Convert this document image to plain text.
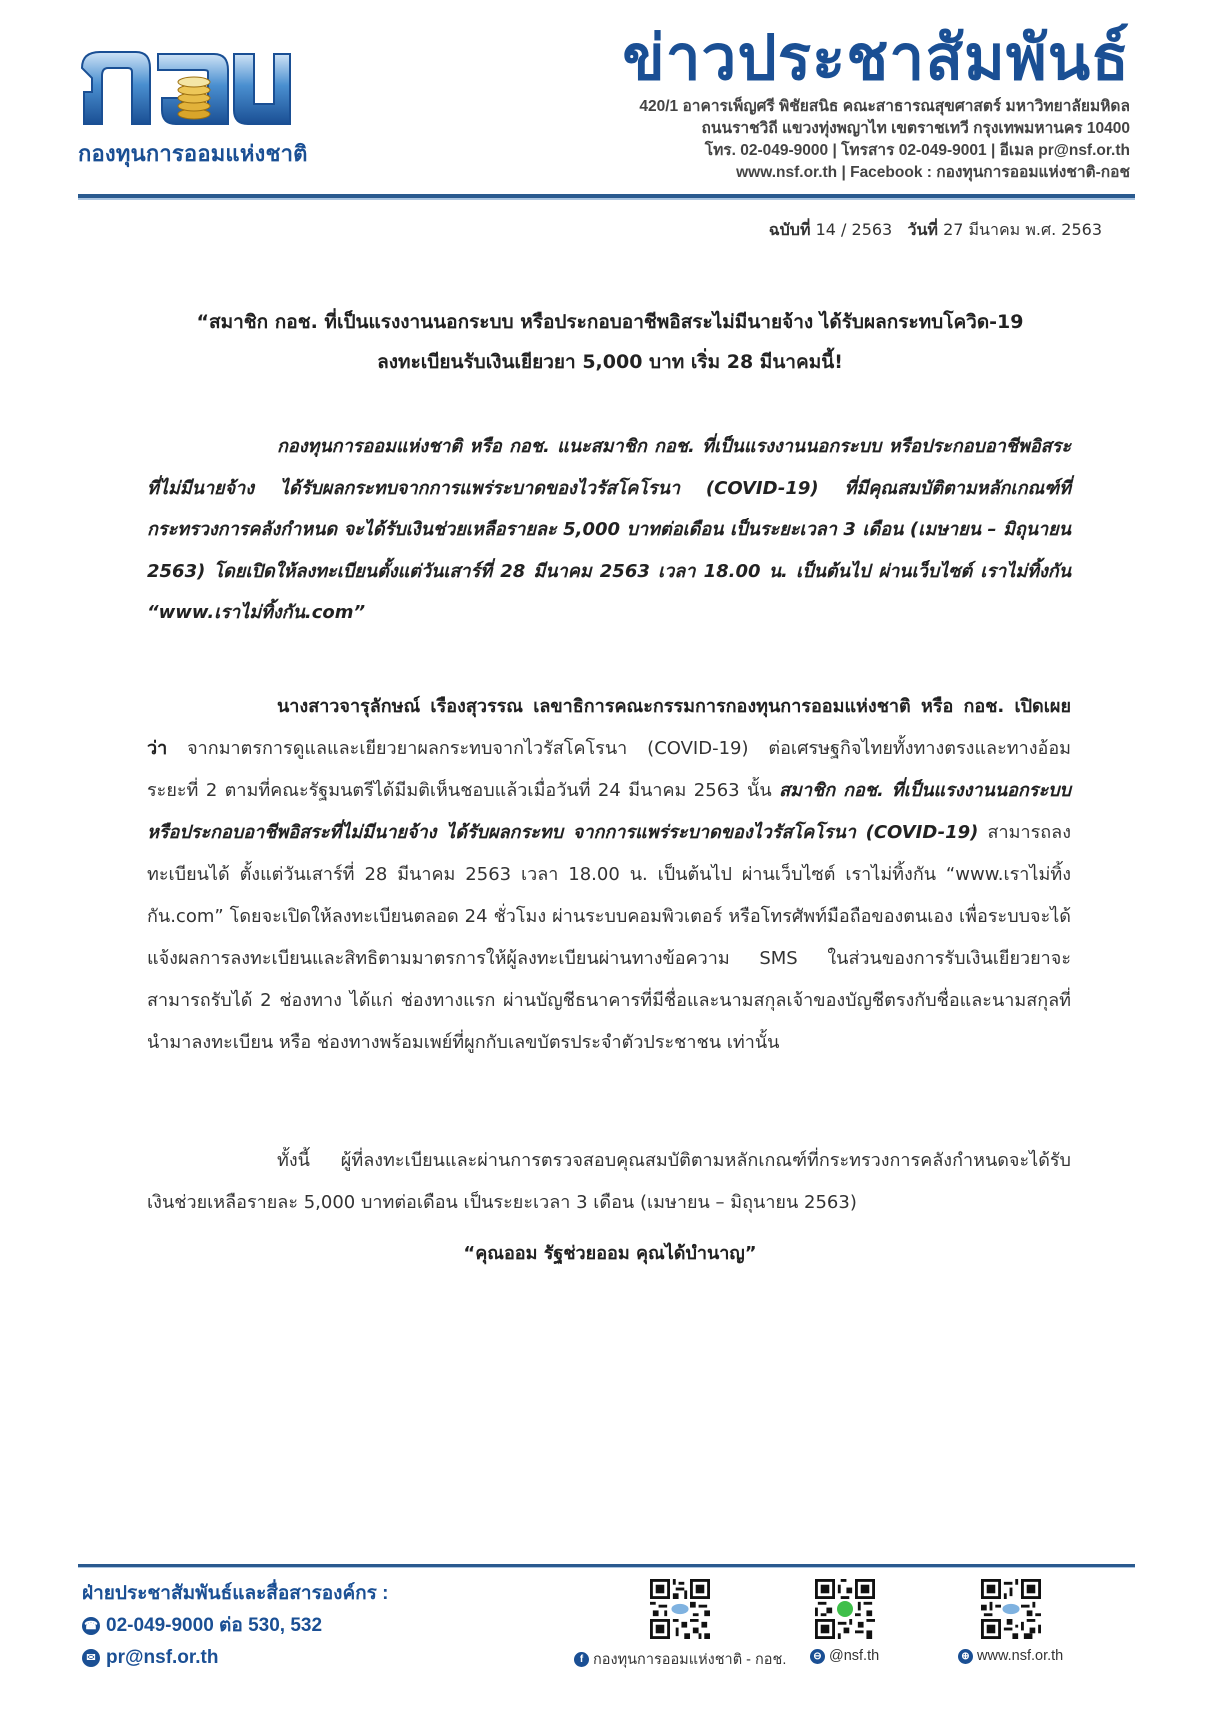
กองทุนการออมแห่งชาติ
ข่าวประชาสัมพันธ์
420/1 อาคารเพ็ญศรี พิชัยสนิธ คณะสาธารณสุขศาสตร์ มหาวิทยาลัยมหิดล
ถนนราชวิถี แขวงทุ่งพญาไท เขตราชเทวี กรุงเทพมหานคร 10400
โทร. 02-049-9000 | โทรสาร 02-049-9001 | อีเมล pr@nsf.or.th
www.nsf.or.th | Facebook : กองทุนการออมแห่งชาติ-กอช
ฉบับที่ 14 / 2563 วันที่ 27 มีนาคม พ.ศ. 2563
“สมาชิก กอช. ที่เป็นแรงงานนอกระบบ หรือประกอบอาชีพอิสระไม่มีนายจ้าง ได้รับผลกระทบโควิด-19
ลงทะเบียนรับเงินเยียวยา 5,000 บาท เริ่ม 28 มีนาคมนี้!
กองทุนการออมแห่งชาติ หรือ กอช. แนะสมาชิก กอช. ที่เป็นแรงงานนอกระบบ หรือประกอบอาชีพอิสระที่ไม่มีนายจ้าง ได้รับผลกระทบจากการแพร่ระบาดของไวรัสโคโรนา (COVID-19) ที่มีคุณสมบัติตามหลักเกณฑ์ที่กระทรวงการคลังกำหนด จะได้รับเงินช่วยเหลือรายละ 5,000 บาทต่อเดือน เป็นระยะเวลา 3 เดือน (เมษายน – มิถุนายน 2563) โดยเปิดให้ลงทะเบียนตั้งแต่วันเสาร์ที่ 28 มีนาคม 2563 เวลา 18.00 น. เป็นต้นไป ผ่านเว็บไซต์ เราไม่ทิ้งกัน “www.เราไม่ทิ้งกัน.com”
นางสาวจารุลักษณ์ เรืองสุวรรณ เลขาธิการคณะกรรมการกองทุนการออมแห่งชาติ หรือ กอช. เปิดเผยว่า จากมาตรการดูแลและเยียวยาผลกระทบจากไวรัสโคโรนา (COVID-19) ต่อเศรษฐกิจไทยทั้งทางตรงและทางอ้อม ระยะที่ 2 ตามที่คณะรัฐมนตรีได้มีมติเห็นชอบแล้วเมื่อวันที่ 24 มีนาคม 2563 นั้น สมาชิก กอช. ที่เป็นแรงงานนอกระบบ หรือประกอบอาชีพอิสระที่ไม่มีนายจ้าง ได้รับผลกระทบ จากการแพร่ระบาดของไวรัสโคโรนา (COVID-19) สามารถลงทะเบียนได้ ตั้งแต่วันเสาร์ที่ 28 มีนาคม 2563 เวลา 18.00 น. เป็นต้นไป ผ่านเว็บไซต์ เราไม่ทิ้งกัน “www.เราไม่ทิ้งกัน.com” โดยจะเปิดให้ลงทะเบียนตลอด 24 ชั่วโมง ผ่านระบบคอมพิวเตอร์ หรือโทรศัพท์มือถือของตนเอง เพื่อระบบจะได้แจ้งผลการลงทะเบียนและสิทธิตามมาตรการให้ผู้ลงทะเบียนผ่านทางข้อความ SMS ในส่วนของการรับเงินเยียวยาจะสามารถรับได้ 2 ช่องทาง ได้แก่ ช่องทางแรก ผ่านบัญชีธนาคารที่มีชื่อและนามสกุลเจ้าของบัญชีตรงกับชื่อและนามสกุลที่นำมาลงทะเบียน หรือ ช่องทางพร้อมเพย์ที่ผูกกับเลขบัตรประจำตัวประชาชน เท่านั้น
ทั้งนี้ ผู้ที่ลงทะเบียนและผ่านการตรวจสอบคุณสมบัติตามหลักเกณฑ์ที่กระทรวงการคลังกำหนดจะได้รับเงินช่วยเหลือรายละ 5,000 บาทต่อเดือน เป็นระยะเวลา 3 เดือน (เมษายน – มิถุนายน 2563)
“คุณออม รัฐช่วยออม คุณได้บำนาญ”
ฝ่ายประชาสัมพันธ์และสื่อสารองค์กร :
☎ 02-049-9000 ต่อ 530, 532
✉ pr@nsf.or.th	f กองทุนการออมแห่งชาติ - กอช.	⊖ @nsf.th	⊕ www.nsf.or.th
